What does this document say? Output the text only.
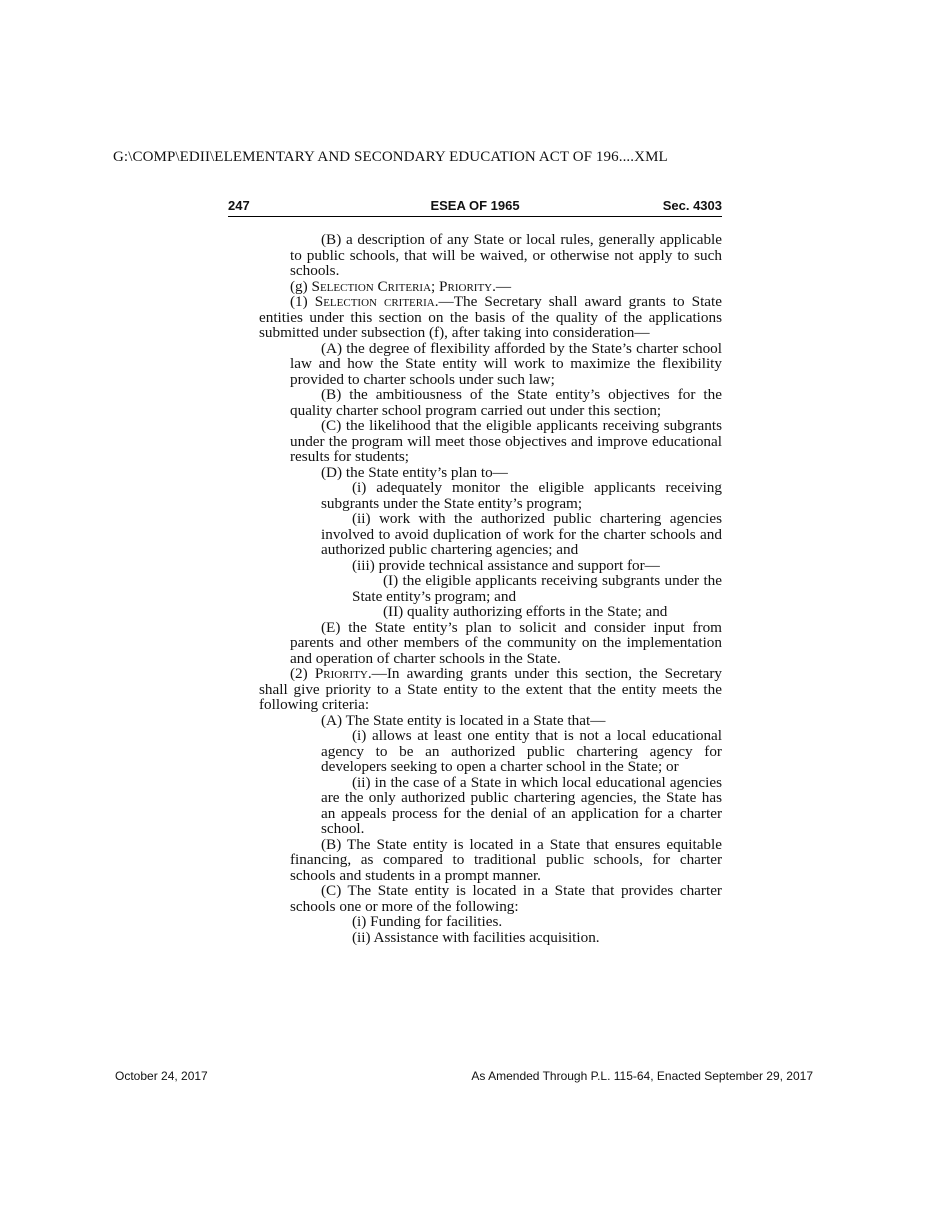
G:\COMP\EDII\ELEMENTARY AND SECONDARY EDUCATION ACT OF 196....XML
247	ESEA OF 1965	Sec. 4303

(B) a description of any State or local rules, generally applicable to public schools, that will be waived, or otherwise not apply to such schools.

(g) Selection Criteria; Priority.—

(1) Selection criteria.—The Secretary shall award grants to State entities under this section on the basis of the quality of the applications submitted under subsection (f), after taking into consideration—

(A) the degree of flexibility afforded by the State’s charter school law and how the State entity will work to maximize the flexibility provided to charter schools under such law;

(B) the ambitiousness of the State entity’s objectives for the quality charter school program carried out under this section;

(C) the likelihood that the eligible applicants receiving subgrants under the program will meet those objectives and improve educational results for students;

(D) the State entity’s plan to—

(i) adequately monitor the eligible applicants receiving subgrants under the State entity’s program;

(ii) work with the authorized public chartering agencies involved to avoid duplication of work for the charter schools and authorized public chartering agencies; and

(iii) provide technical assistance and support for—

(I) the eligible applicants receiving subgrants under the State entity’s program; and

(II) quality authorizing efforts in the State; and

(E) the State entity’s plan to solicit and consider input from parents and other members of the community on the implementation and operation of charter schools in the State.

(2) Priority.—In awarding grants under this section, the Secretary shall give priority to a State entity to the extent that the entity meets the following criteria:

(A) The State entity is located in a State that—

(i) allows at least one entity that is not a local educational agency to be an authorized public chartering agency for developers seeking to open a charter school in the State; or

(ii) in the case of a State in which local educational agencies are the only authorized public chartering agencies, the State has an appeals process for the denial of an application for a charter school.

(B) The State entity is located in a State that ensures equitable financing, as compared to traditional public schools, for charter schools and students in a prompt manner.

(C) The State entity is located in a State that provides charter schools one or more of the following:

(i) Funding for facilities.

(ii) Assistance with facilities acquisition.

October 24, 2017	As Amended Through P.L. 115-64, Enacted September 29, 2017
